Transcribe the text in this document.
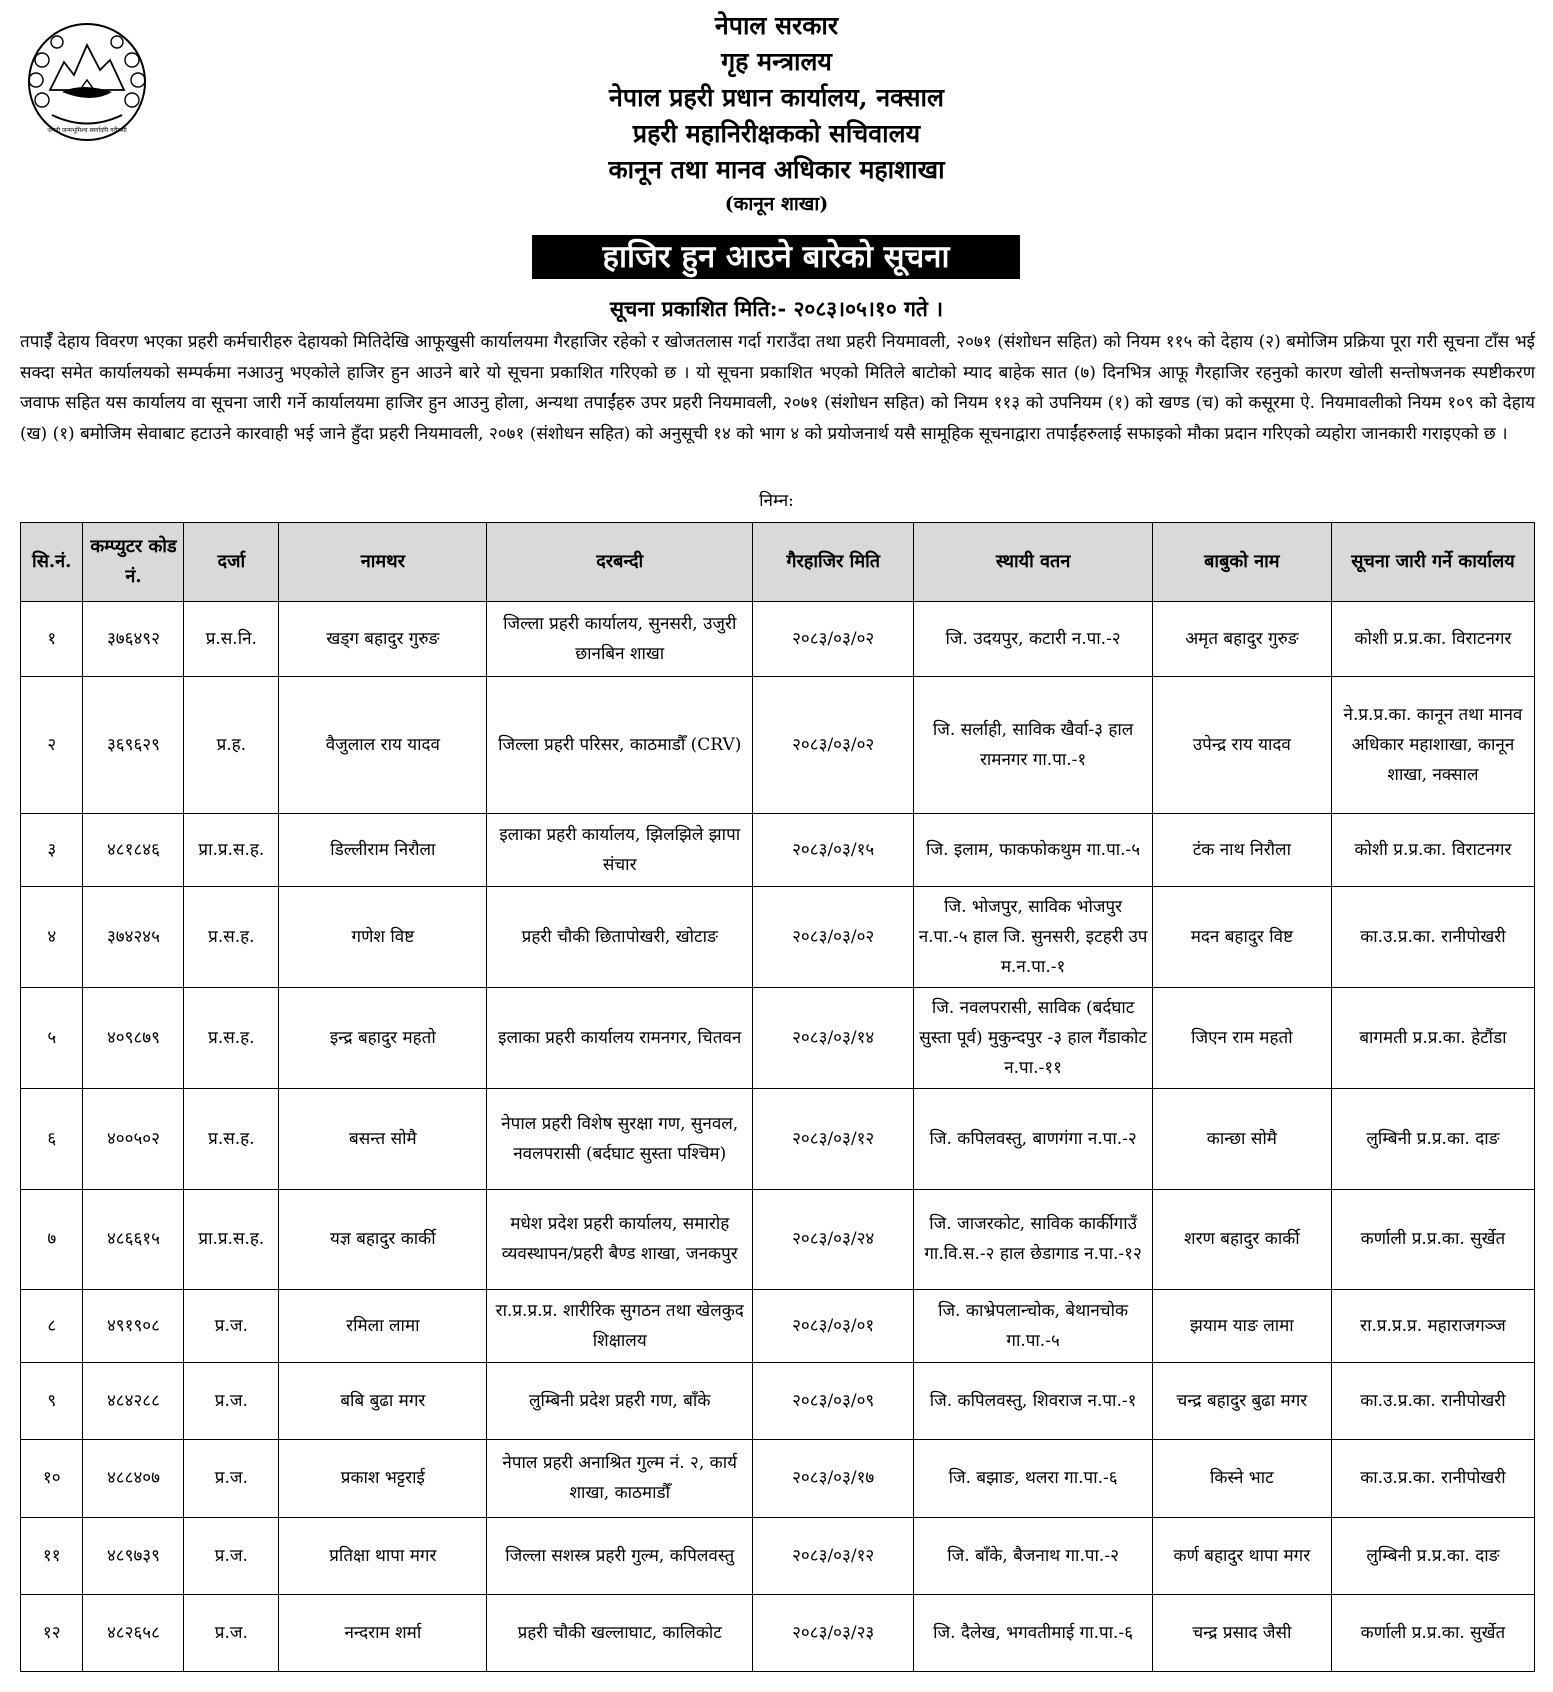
जननी जन्मभूमिश्च स्वर्गादपि गरीयसी
नेपाल सरकार
गृह मन्त्रालय
नेपाल प्रहरी प्रधान कार्यालय, नक्साल
प्रहरी महानिरीक्षकको सचिवालय
कानून तथा मानव अधिकार महाशाखा
(कानून शाखा)
हाजिर हुन आउने बारेको सूचना
सूचना प्रकाशित मिति:- २०८३।०५।१० गते ।
तपाईँ देहाय विवरण भएका प्रहरी कर्मचारीहरु देहायको मितिदेखि आफूखुसी कार्यालयमा गैरहाजिर रहेको र खोजतलास गर्दा गराउँदा तथा प्रहरी नियमावली, २०७१ (संशोधन सहित) को नियम ११५ को देहाय (२) बमोजिम प्रक्रिया पूरा गरी सूचना टाँस भई सक्दा समेत कार्यालयको सम्पर्कमा नआउनु भएकोले हाजिर हुन आउने बारे यो सूचना प्रकाशित गरिएको छ । यो सूचना प्रकाशित भएको मितिले बाटोको म्याद बाहेक सात (७) दिनभित्र आफू गैरहाजिर रहनुको कारण खोली सन्तोषजनक स्पष्टीकरण जवाफ सहित यस कार्यालय वा सूचना जारी गर्ने कार्यालयमा हाजिर हुन आउनु होला, अन्यथा तपाईंहरु उपर प्रहरी नियमावली, २०७१ (संशोधन सहित) को नियम ११३ को उपनियम (१) को खण्ड (च) को कसूरमा ऐ. नियमावलीको नियम १०९ को देहाय (ख) (१) बमोजिम सेवाबाट हटाउने कारवाही भई जाने हुँदा प्रहरी नियमावली, २०७१ (संशोधन सहित) को अनुसूची १४ को भाग ४ को प्रयोजनार्थ यसै सामूहिक सूचनाद्वारा तपाईंहरुलाई सफाइको मौका प्रदान गरिएको व्यहोरा जानकारी गराइएको छ ।
निम्न:
सि.नं.	कम्प्युटर कोड नं.	दर्जा	नामथर	दरबन्दी	गैरहाजिर मिति	स्थायी वतन	बाबुको नाम	सूचना जारी गर्ने कार्यालय
१	३७६४९२	प्र.स.नि.	खड्ग बहादुर गुरुङ	जिल्ला प्रहरी कार्यालय, सुनसरी, उजुरी छानबिन शाखा	२०८३/०३/०२	जि. उदयपुर, कटारी न.पा.-२	अमृत बहादुर गुरुङ	कोशी प्र.प्र.का. विराटनगर
२	३६९६२९	प्र.ह.	वैजुलाल राय यादव	जिल्ला प्रहरी परिसर, काठमाडौँ (CRV)	२०८३/०३/०२	जि. सर्लाही, साविक खैर्वा-३ हाल रामनगर गा.पा.-१	उपेन्द्र राय यादव	ने.प्र.प्र.का. कानून तथा मानव अधिकार महाशाखा, कानून शाखा, नक्साल
३	४८१८४६	प्रा.प्र.स.ह.	डिल्लीराम निरौला	इलाका प्रहरी कार्यालय, झिलझिले झापा संचार	२०८३/०३/१५	जि. इलाम, फाकफोकथुम गा.पा.-५	टंक नाथ निरौला	कोशी प्र.प्र.का. विराटनगर
४	३७४२४५	प्र.स.ह.	गणेश विष्ट	प्रहरी चौकी छितापोखरी, खोटाङ	२०८३/०३/०२	जि. भोजपुर, साविक भोजपुर न.पा.-५ हाल जि. सुनसरी, इटहरी उप म.न.पा.-१	मदन बहादुर विष्ट	का.उ.प्र.का. रानीपोखरी
५	४०९८७९	प्र.स.ह.	इन्द्र बहादुर महतो	इलाका प्रहरी कार्यालय रामनगर, चितवन	२०८३/०३/१४	जि. नवलपरासी, साविक (बर्दघाट सुस्ता पूर्व) मुकुन्दपुर -३ हाल गैंडाकोट न.पा.-११	जिएन राम महतो	बागमती प्र.प्र.का. हेटौंडा
६	४००५०२	प्र.स.ह.	बसन्त सोमै	नेपाल प्रहरी विशेष सुरक्षा गण, सुनवल, नवलपरासी (बर्दघाट सुस्ता पश्चिम)	२०८३/०३/१२	जि. कपिलवस्तु, बाणगंगा न.पा.-२	कान्छा सोमै	लुम्बिनी प्र.प्र.का. दाङ
७	४८६६१५	प्रा.प्र.स.ह.	यज्ञ बहादुर कार्की	मधेश प्रदेश प्रहरी कार्यालय, समारोह व्यवस्थापन/प्रहरी बैण्ड शाखा, जनकपुर	२०८३/०३/२४	जि. जाजरकोट, साविक कार्कीगाउँ गा.वि.स.-२ हाल छेडागाड न.पा.-१२	शरण बहादुर कार्की	कर्णाली प्र.प्र.का. सुर्खेत
८	४९१९०८	प्र.ज.	रमिला लामा	रा.प्र.प्र.प्र. शारीरिक सुगठन तथा खेलकुद शिक्षालय	२०८३/०३/०१	जि. काभ्रेपलान्चोक, बेथानचोक गा.पा.-५	झयाम याङ लामा	रा.प्र.प्र.प्र. महाराजगञ्ज
९	४८४२८८	प्र.ज.	बबि बुढा मगर	लुम्बिनी प्रदेश प्रहरी गण, बाँके	२०८३/०३/०९	जि. कपिलवस्तु, शिवराज न.पा.-१	चन्द्र बहादुर बुढा मगर	का.उ.प्र.का. रानीपोखरी
१०	४८८४०७	प्र.ज.	प्रकाश भट्टराई	नेपाल प्रहरी अनाश्रित गुल्म नं. २, कार्य शाखा, काठमाडौँ	२०८३/०३/१७	जि. बझाङ, थलरा गा.पा.-६	किस्ने भाट	का.उ.प्र.का. रानीपोखरी
११	४८९७३९	प्र.ज.	प्रतिक्षा थापा मगर	जिल्ला सशस्त्र प्रहरी गुल्म, कपिलवस्तु	२०८३/०३/१२	जि. बाँके, बैजनाथ गा.पा.-२	कर्ण बहादुर थापा मगर	लुम्बिनी प्र.प्र.का. दाङ
१२	४८२६५८	प्र.ज.	नन्दराम शर्मा	प्रहरी चौकी खल्लाघाट, कालिकोट	२०८३/०३/२३	जि. दैलेख, भगवतीमाई गा.पा.-६	चन्द्र प्रसाद जैसी	कर्णाली प्र.प्र.का. सुर्खेत
